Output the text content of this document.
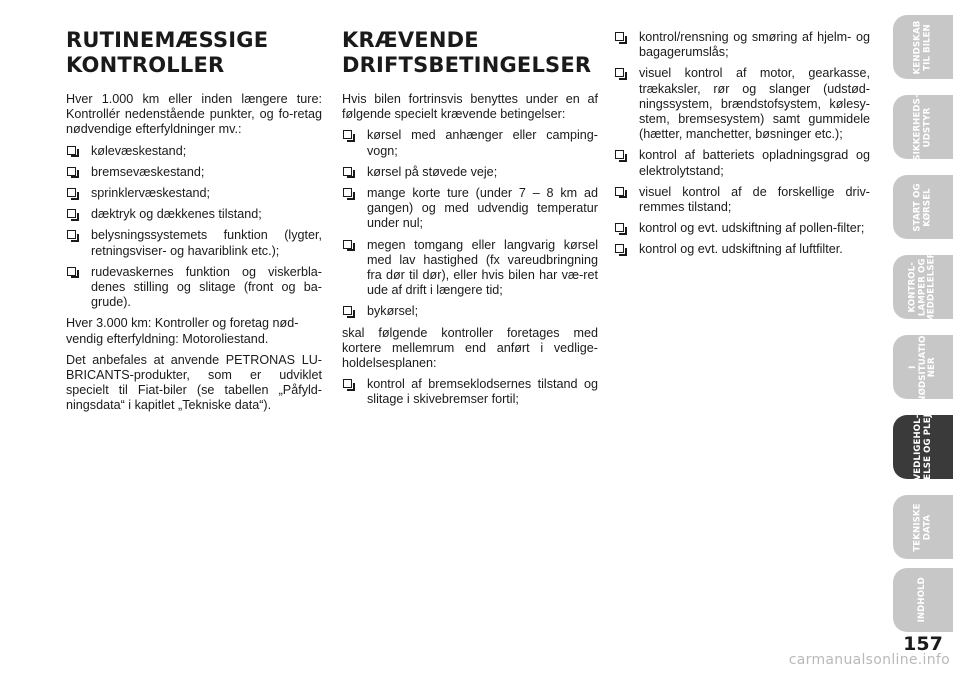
RUTINEMÆSSIGE KONTROLLER

Hver 1.000 km eller inden længere ture: Kontrollér nedenstående punkter, og fo-retag nødvendige efterfyldninger mv.:

kølevæskestand;
bremsevæskestand;
sprinklervæskestand;
dæktryk og dækkenes tilstand;
belysningssystemets funktion (lygter, retningsviser- og havariblink etc.);
rudevaskernes funktion og viskerbla-denes stilling og slitage (front og ba-grude).

Hver 3.000 km: Kontroller og foretag nød-vendig efterfyldning: Motoroliestand.

Det anbefales at anvende PETRONAS LU-BRICANTS-produkter, som er udviklet specielt til Fiat-biler (se tabellen „Påfyld-ningsdata“ i kapitlet „Tekniske data“).

KRÆVENDE DRIFTSBETINGELSER

Hvis bilen fortrinsvis benyttes under en af følgende specielt krævende betingelser:

kørsel med anhænger eller camping-vogn;
kørsel på støvede veje;
mange korte ture (under 7 – 8 km ad gangen) og med udvendig temperatur under nul;
megen tomgang eller langvarig kørsel med lav hastighed (fx vareudbringning fra dør til dør), eller hvis bilen har væ-ret ude af drift i længere tid;
bykørsel;

skal følgende kontroller foretages med kortere mellemrum end anført i vedlige-holdelsesplanen:

kontrol af bremseklodsernes tilstand og slitage i skivebremser fortil;
kontrol/rensning og smøring af hjelm- og bagagerumslås;
visuel kontrol af motor, gearkasse, trækaksler, rør og slanger (udstød-ningssystem, brændstofsystem, kølesy-stem, bremsesystem) samt gummidele (hætter, manchetter, bøsninger etc.);
kontrol af batteriets opladningsgrad og elektrolytstand;
visuel kontrol af de forskellige driv-remmes tilstand;
kontrol og evt. udskiftning af pollen-filter;
kontrol og evt. udskiftning af luftfilter.
KENDSKAB
TIL BILEN
SIKKERHEDS-
UDSTYR
START OG
KØRSEL
KONTROL-
LAMPER OG
MEDDELELSER
I
NØDSITUATIO-
NER
VEDLIGEHOL-
DELSE OG PLEJE
TEKNISKE
DATA
INDHOLD
157
carmanualsonline.info
